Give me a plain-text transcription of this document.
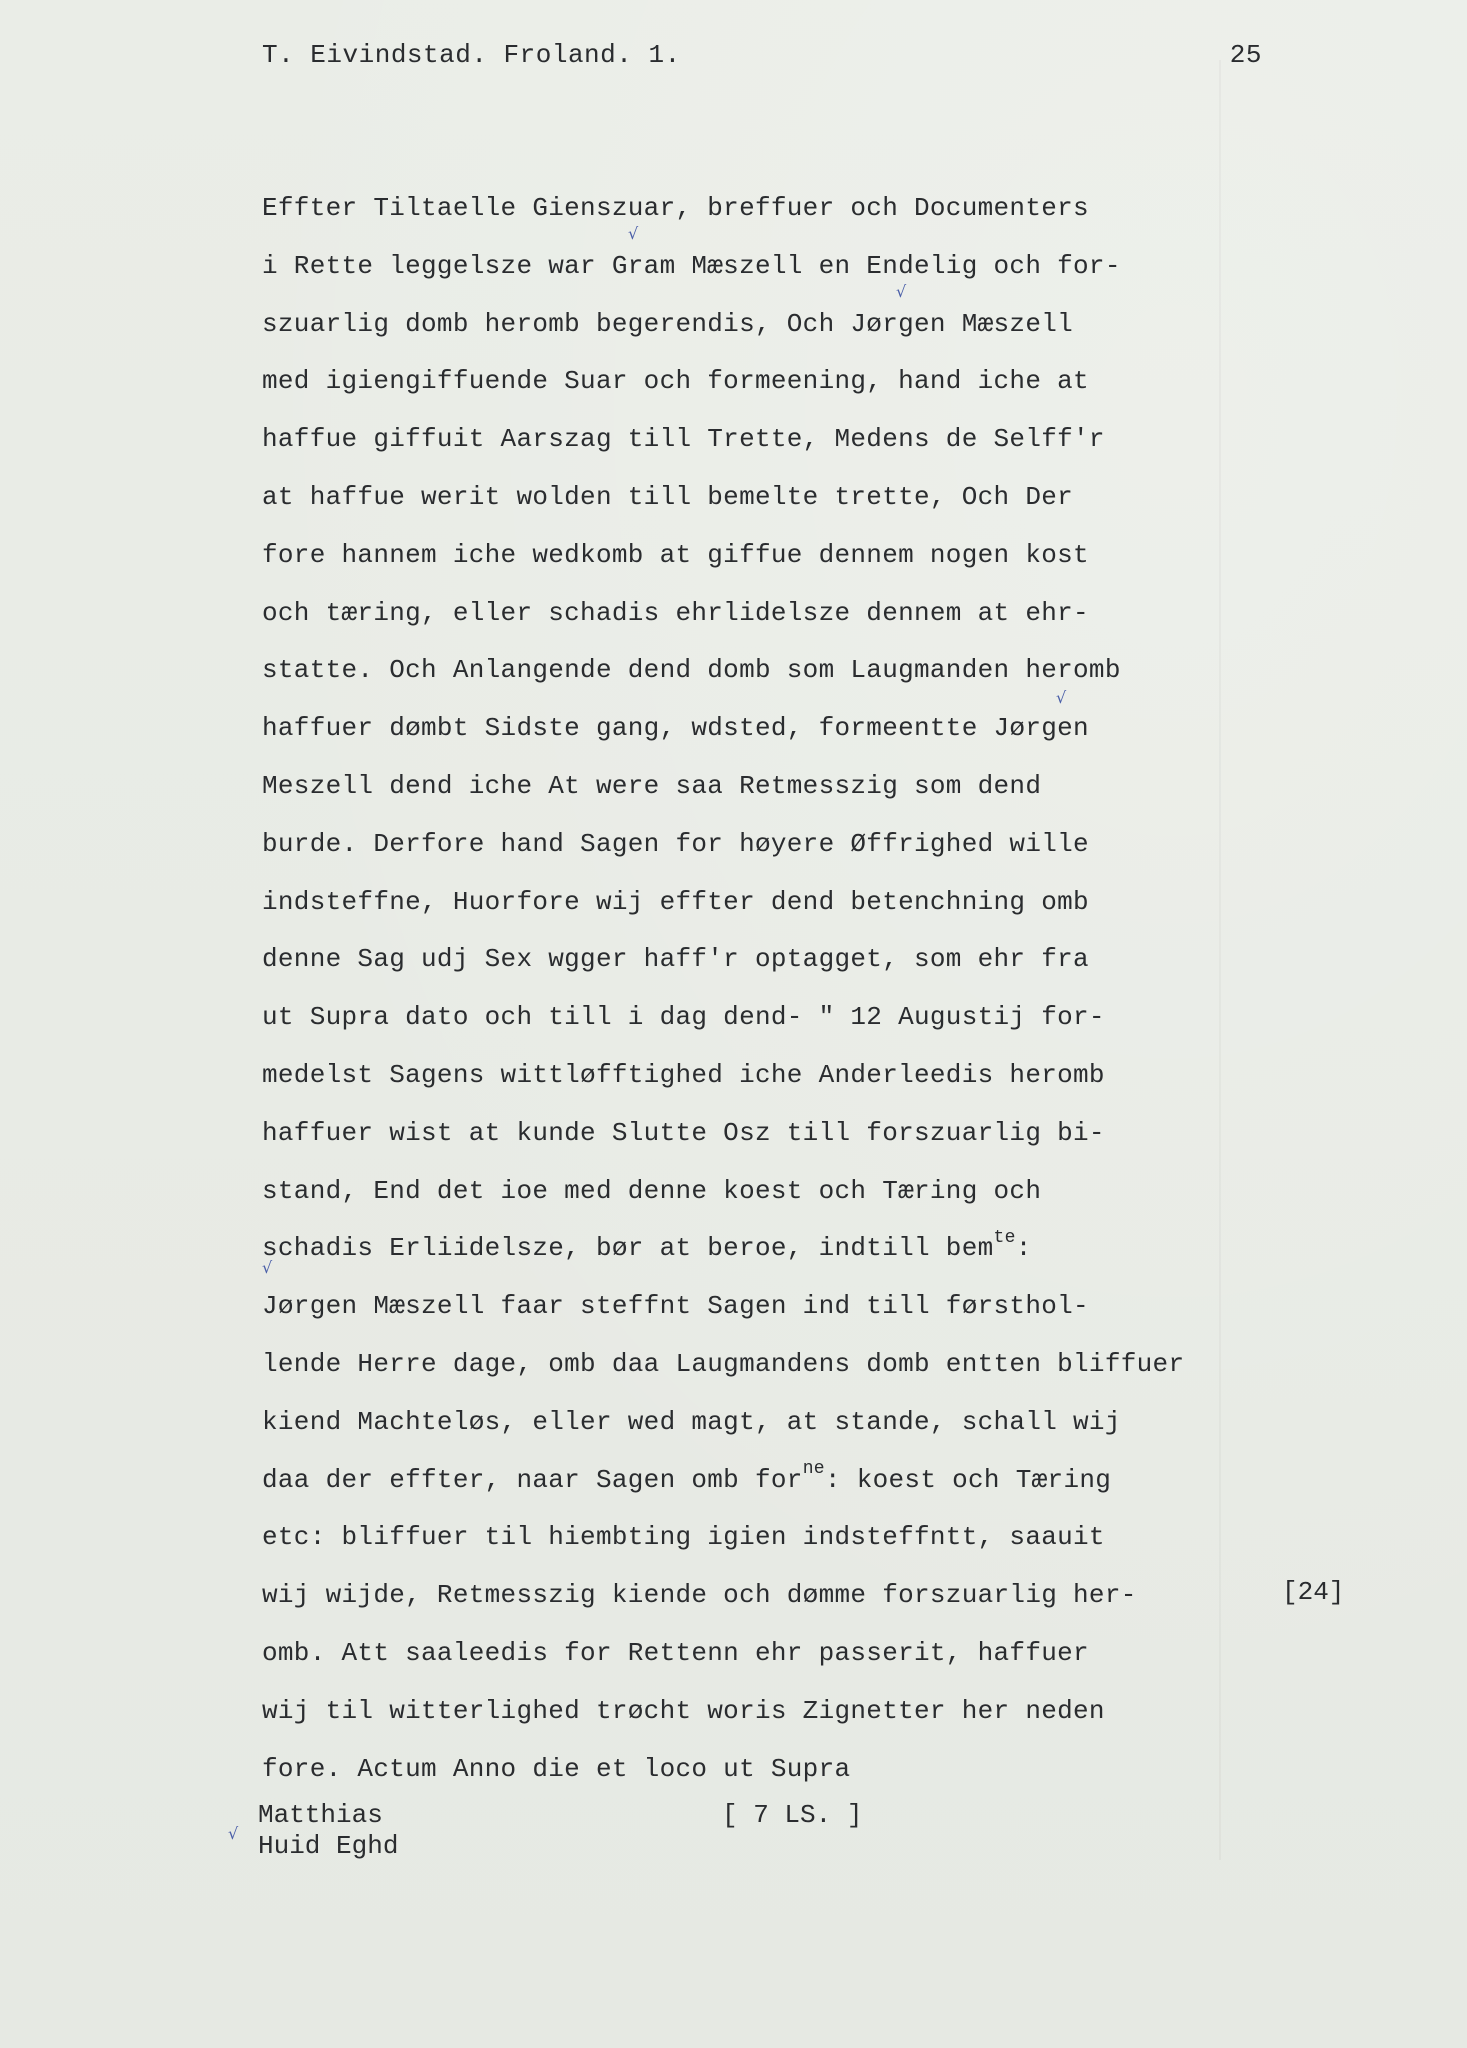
T. Eivindstad. Froland. 1.	25
Effter Tiltaelle Gienszuar, breffuer och Documenters
i Rette leggelsze war Gram Mæszell en Endelig och for-
szuarlig domb heromb begerendis, Och Jørgen Mæszell
med igiengiffuende Suar och formeening, hand iche at
haffue giffuit Aarszag till Trette, Medens de Selff'r
at haffue werit wolden till bemelte trette, Och Der
fore hannem iche wedkomb at giffue dennem nogen kost
och tæring, eller schadis ehrlidelsze dennem at ehr-
statte. Och Anlangende dend domb som Laugmanden heromb
haffuer dømbt Sidste gang, wdsted, formeentte Jørgen
Meszell dend iche At were saa Retmesszig som dend
burde. Derfore hand Sagen for høyere Øffrighed wille
indsteffne, Huorfore wij effter dend betenchning omb
denne Sag udj Sex wgger haff'r optagget, som ehr fra
ut Supra dato och till i dag dend- " 12 Augustij for-
medelst Sagens wittløfftighed iche Anderleedis heromb
haffuer wist at kunde Slutte Osz till forszuarlig bi-
stand, End det ioe med denne koest och Tæring och
schadis Erliidelsze, bør at beroe, indtill bem$^{te}$:
Jørgen Mæszell faar steffnt Sagen ind till førsthol-
lende Herre dage, omb daa Laugmandens domb entten bliffuer
kiend Machteløs, eller wed magt, at stande, schall wij
daa der effter, naar Sagen omb for$^{ne}$: koest och Tæring
etc: bliffuer til hiembting igien indsteffntt, saauit
wij wijde, Retmesszig kiende och dømme forszuarlig her-
omb. Att saaleedis for Rettenn ehr passerit, haffuer
wij til witterlighed trøcht woris Zignetter her neden
fore. Actum Anno die et loco ut Supra
[24]
Matthias
Huid Eghd
[ 7 LS. ]
√
√
√
√
√
